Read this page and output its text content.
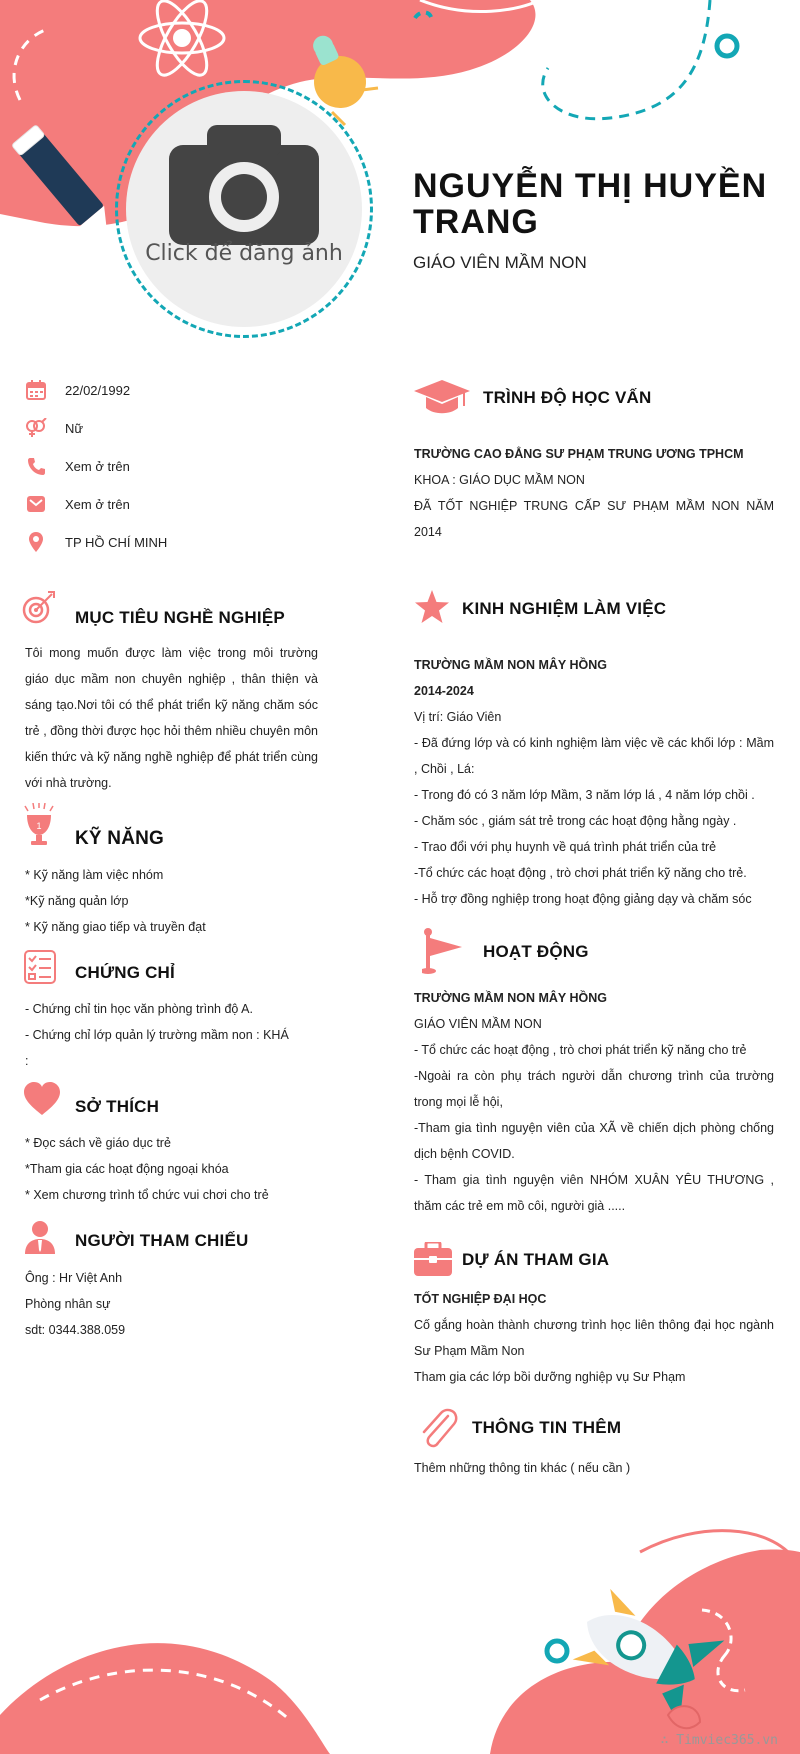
Click để đăng ảnh
NGUYỄN THỊ HUYỀN TRANG
GIÁO VIÊN MẦM NON
22/02/1992
Nữ
Xem ở trên
Xem ở trên
TP HỒ CHÍ MINH
MỤC TIÊU NGHỀ NGHIỆP
Tôi mong muốn được làm việc trong môi trường giáo dục mầm non chuyên nghiệp , thân thiện và sáng tạo.Nơi tôi có thể phát triển kỹ năng chăm sóc trẻ , đồng thời được học hỏi thêm nhiều chuyên môn kiến thức và kỹ năng nghề nghiệp để phát triển cùng với nhà trường.
1
KỸ NĂNG
* Kỹ năng làm việc nhóm
*Kỹ năng quản lớp
* Kỹ năng giao tiếp và truyền đạt
CHỨNG CHỈ
- Chứng chỉ tin học văn phòng trình độ A.
- Chứng chỉ lớp quản lý trường mầm non : KHÁ
:
SỞ THÍCH
* Đọc sách về giáo dục trẻ
*Tham gia các hoạt động ngoại khóa
* Xem chương trình tổ chức vui chơi cho trẻ
NGƯỜI THAM CHIẾU
Ông : Hr Việt Anh
Phòng nhân sự
sdt: 0344.388.059
TRÌNH ĐỘ HỌC VẤN
TRƯỜNG CAO ĐẲNG SƯ PHẠM TRUNG ƯƠNG TPHCM
KHOA : GIÁO DỤC MẦM NON
ĐÃ TỐT NGHIỆP TRUNG CẤP SƯ PHẠM MẦM NON NĂM 2014
KINH NGHIỆM LÀM VIỆC
TRƯỜNG MẦM NON MÂY HỒNG
2014-2024
Vị trí: Giáo Viên
- Đã đứng lớp và có kinh nghiệm làm việc về các khối lớp : Mầm , Chồi , Lá:
- Trong đó có 3 năm lớp Mầm, 3 năm lớp lá , 4 năm lớp chồi .
- Chăm sóc , giám sát trẻ trong các hoạt động hằng ngày .
- Trao đổi với phụ huynh về quá trình phát triển của trẻ
-Tổ chức các hoạt động , trò chơi phát triển kỹ năng cho trẻ.
- Hỗ trợ đồng nghiệp trong hoạt động giảng dạy và chăm sóc
HOẠT ĐỘNG
TRƯỜNG MẦM NON MÂY HỒNG
GIÁO VIÊN MẦM NON
- Tổ chức các hoạt động , trò chơi phát triển kỹ năng cho trẻ
-Ngoài ra còn phụ trách người dẫn chương trình của trường trong mọi lễ hội,
-Tham gia tình nguyện viên của XÃ về chiến dịch phòng chống dịch bệnh COVID.
- Tham gia tình nguyện viên NHÓM XUÂN YÊU THƯƠNG , thăm các trẻ em mồ côi, người già .....
DỰ ÁN THAM GIA
TỐT NGHIỆP ĐẠI HỌC
Cố gắng hoàn thành chương trình học liên thông đại học ngành Sư Phạm Mầm Non
Tham gia các lớp bồi dưỡng nghiệp vụ Sư Phạm
THÔNG TIN THÊM
Thêm những thông tin khác ( nếu cần )
∴ Timviec365.vn
